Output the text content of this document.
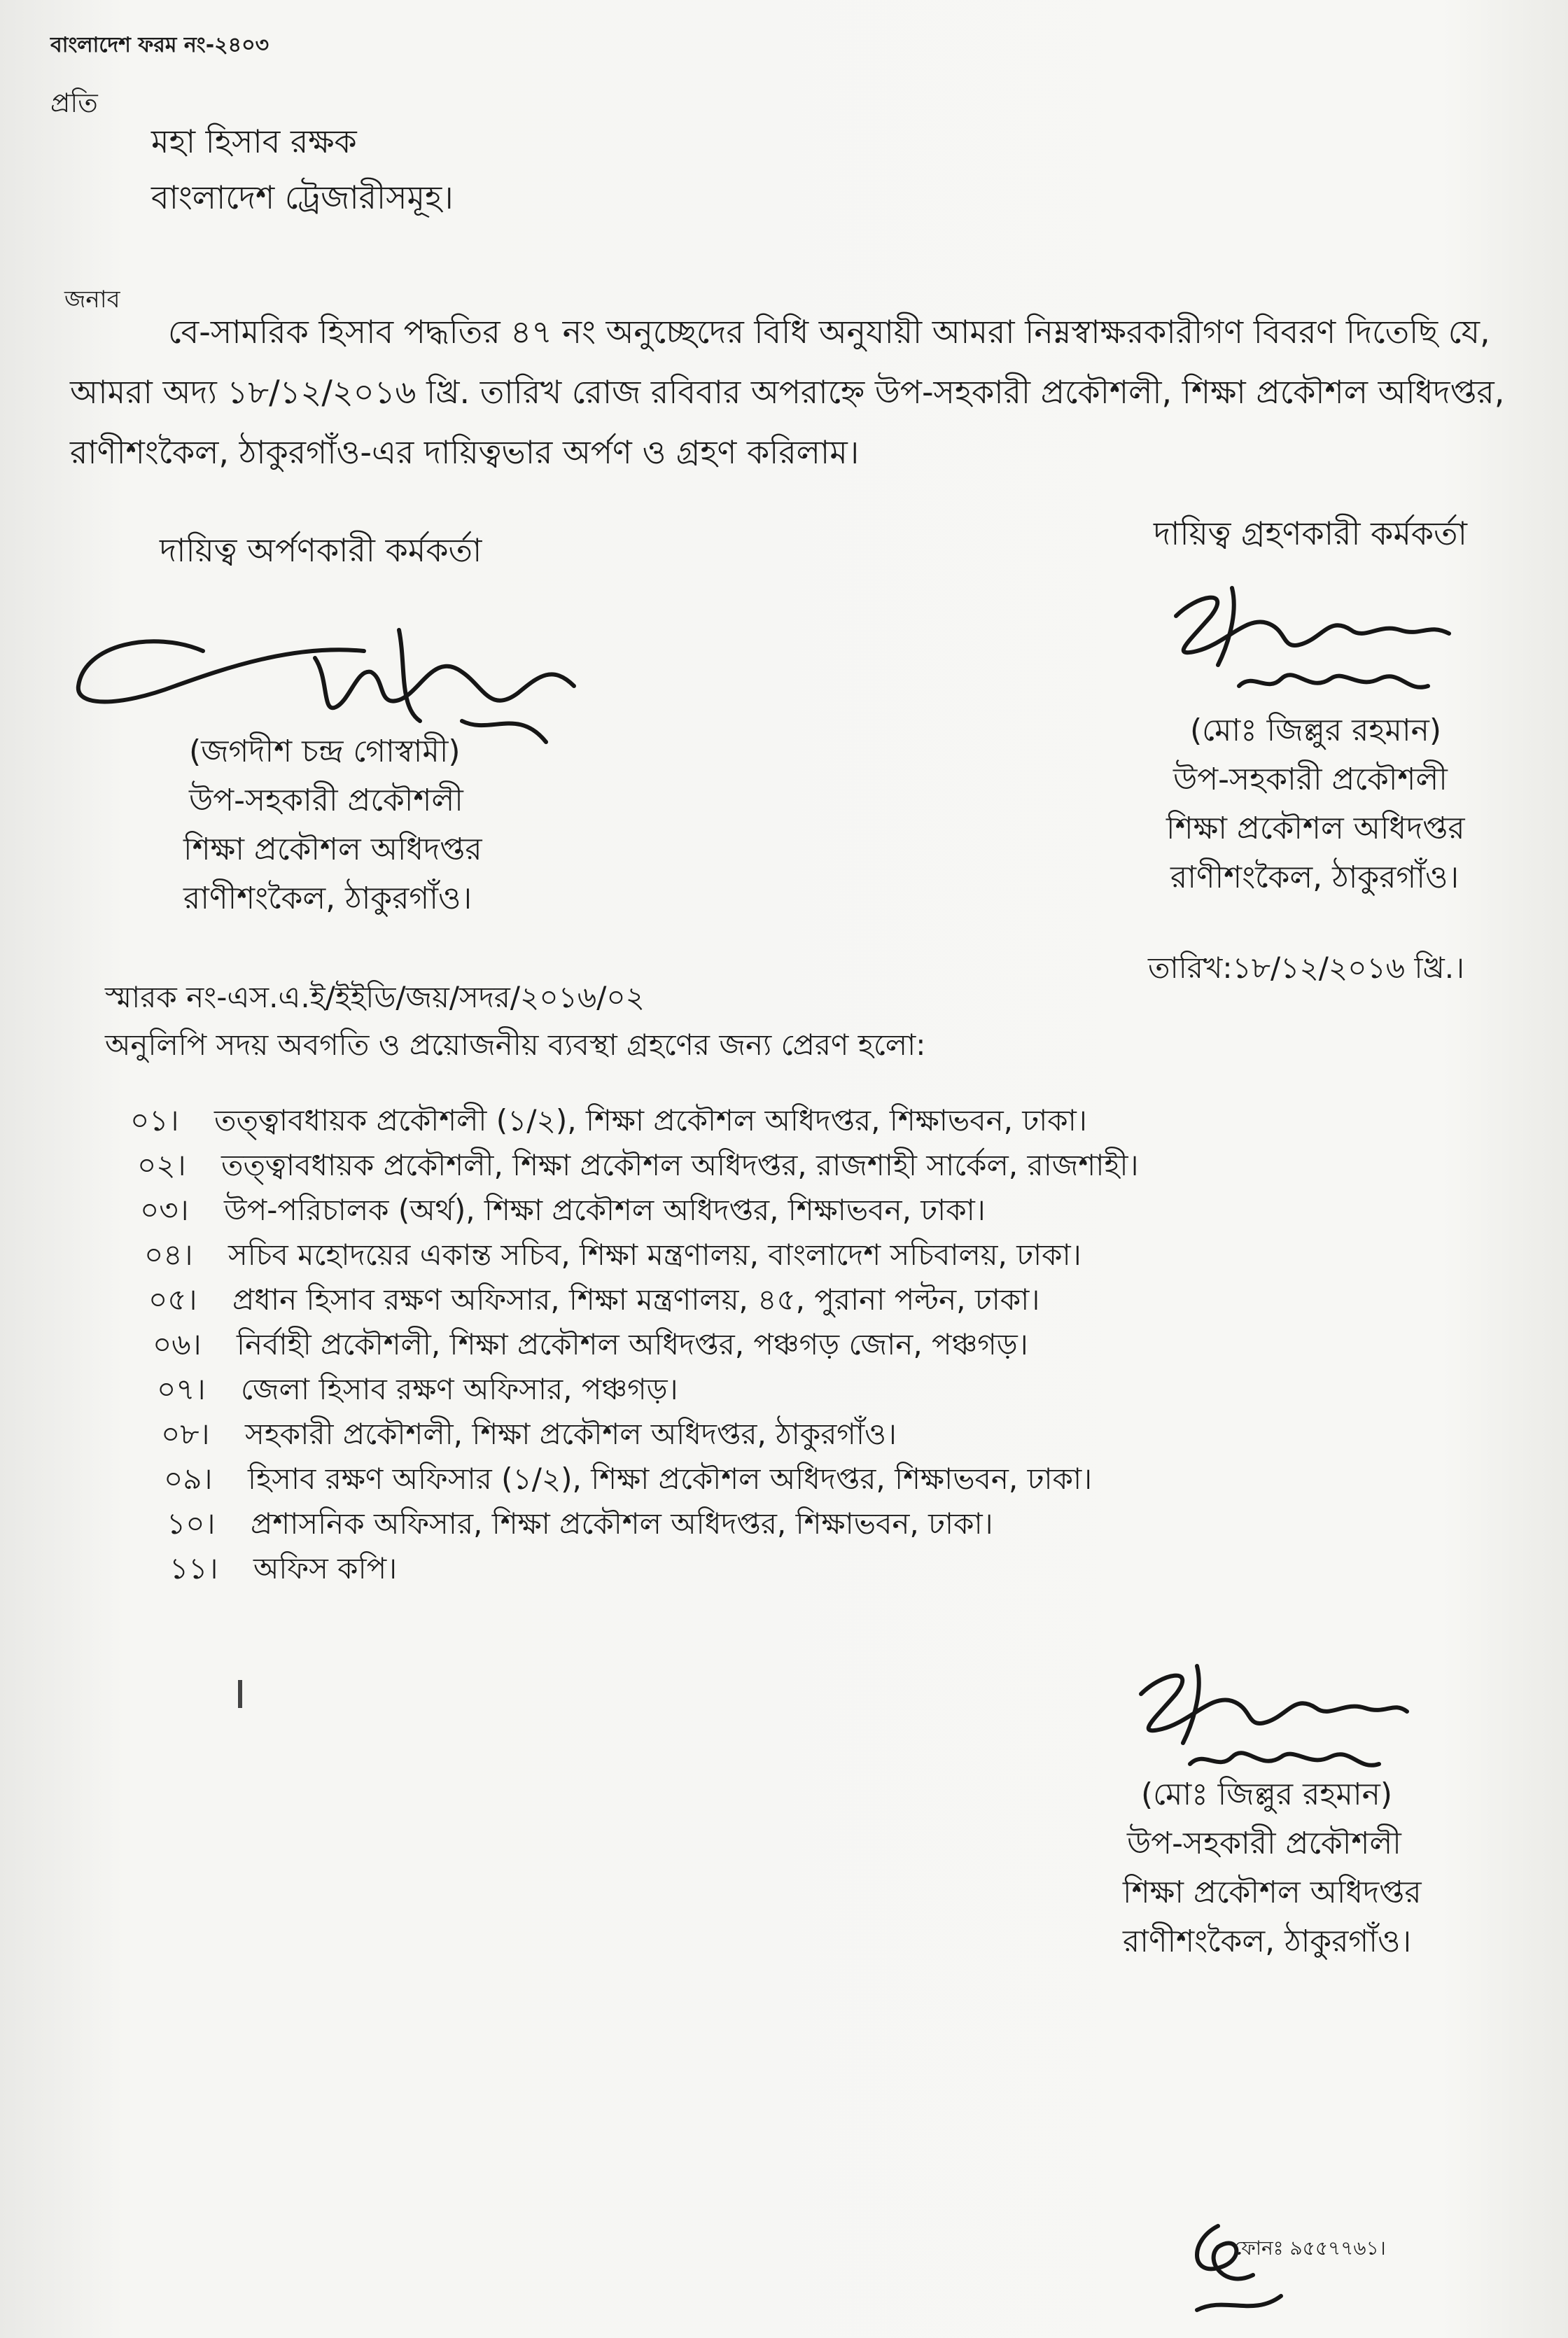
বাংলাদেশ ফরম নং-২৪০৩
প্রতি
মহা হিসাব রক্ষক
বাংলাদেশ ট্রেজারীসমূহ।
জনাব
বে-সামরিক হিসাব পদ্ধতির ৪৭ নং অনুচ্ছেদের বিধি অনুযায়ী আমরা নিম্নস্বাক্ষরকারীগণ বিবরণ দিতেছি যে,
আমরা অদ্য ১৮/১২/২০১৬ খ্রি. তারিখ রোজ রবিবার অপরাহ্নে উপ-সহকারী প্রকৌশলী, শিক্ষা প্রকৌশল অধিদপ্তর,
রাণীশংকৈল, ঠাকুরগাঁও-এর দায়িত্বভার অর্পণ ও গ্রহণ করিলাম।
দায়িত্ব অর্পণকারী কর্মকর্তা
(জগদীশ চন্দ্র গোস্বামী)
উপ-সহকারী প্রকৌশলী
শিক্ষা প্রকৌশল অধিদপ্তর
রাণীশংকৈল, ঠাকুরগাঁও।
দায়িত্ব গ্রহণকারী কর্মকর্তা
(মোঃ জিল্লুর রহমান)
উপ-সহকারী প্রকৌশলী
শিক্ষা প্রকৌশল অধিদপ্তর
রাণীশংকৈল, ঠাকুরগাঁও।
স্মারক নং-এস.এ.ই/ইইডি/জয়/সদর/২০১৬/০২
তারিখ:১৮/১২/২০১৬ খ্রি.।
অনুলিপি সদয় অবগতি ও প্রয়োজনীয় ব্যবস্থা গ্রহণের জন্য প্রেরণ হলো:
০১। তত্ত্বাবধায়ক প্রকৌশলী (১/২), শিক্ষা প্রকৌশল অধিদপ্তর, শিক্ষাভবন, ঢাকা।
০২। তত্ত্বাবধায়ক প্রকৌশলী, শিক্ষা প্রকৌশল অধিদপ্তর, রাজশাহী সার্কেল, রাজশাহী।
০৩। উপ-পরিচালক (অর্থ), শিক্ষা প্রকৌশল অধিদপ্তর, শিক্ষাভবন, ঢাকা।
০৪। সচিব মহোদয়ের একান্ত সচিব, শিক্ষা মন্ত্রণালয়, বাংলাদেশ সচিবালয়, ঢাকা।
০৫। প্রধান হিসাব রক্ষণ অফিসার, শিক্ষা মন্ত্রণালয়, ৪৫, পুরানা পল্টন, ঢাকা।
০৬। নির্বাহী প্রকৌশলী, শিক্ষা প্রকৌশল অধিদপ্তর, পঞ্চগড় জোন, পঞ্চগড়।
০৭। জেলা হিসাব রক্ষণ অফিসার, পঞ্চগড়।
০৮। সহকারী প্রকৌশলী, শিক্ষা প্রকৌশল অধিদপ্তর, ঠাকুরগাঁও।
০৯। হিসাব রক্ষণ অফিসার (১/২), শিক্ষা প্রকৌশল অধিদপ্তর, শিক্ষাভবন, ঢাকা।
১০। প্রশাসনিক অফিসার, শিক্ষা প্রকৌশল অধিদপ্তর, শিক্ষাভবন, ঢাকা।
১১। অফিস কপি।
(মোঃ জিল্লুর রহমান)
উপ-সহকারী প্রকৌশলী
শিক্ষা প্রকৌশল অধিদপ্তর
রাণীশংকৈল, ঠাকুরগাঁও।
ফোনঃ ৯৫৫৭৭৬১।
